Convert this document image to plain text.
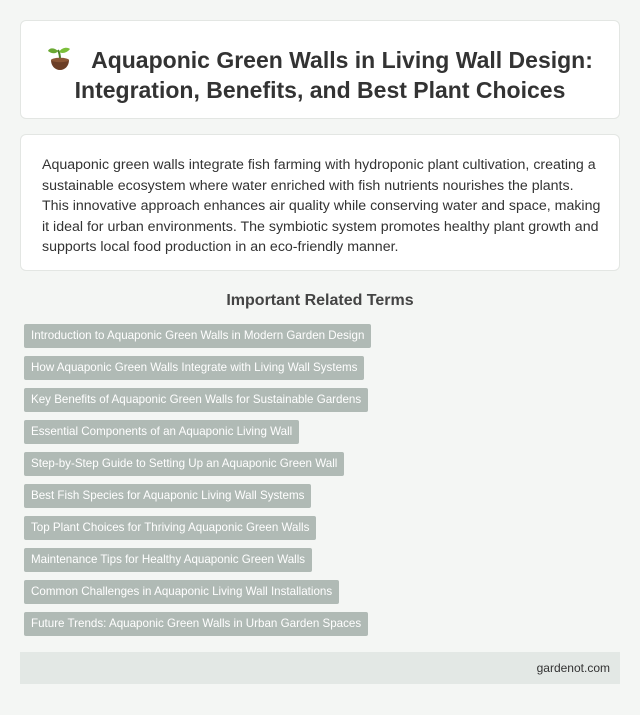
Aquaponic Green Walls in Living Wall Design: Integration, Benefits, and Best Plant Choices

Aquaponic green walls integrate fish farming with hydroponic plant cultivation, creating a sustainable ecosystem where water enriched with fish nutrients nourishes the plants. This innovative approach enhances air quality while conserving water and space, making it ideal for urban environments. The symbiotic system promotes healthy plant growth and supports local food production in an eco-friendly manner.

Important Related Terms
Introduction to Aquaponic Green Walls in Modern Garden Design
How Aquaponic Green Walls Integrate with Living Wall Systems
Key Benefits of Aquaponic Green Walls for Sustainable Gardens
Essential Components of an Aquaponic Living Wall
Step-by-Step Guide to Setting Up an Aquaponic Green Wall
Best Fish Species for Aquaponic Living Wall Systems
Top Plant Choices for Thriving Aquaponic Green Walls
Maintenance Tips for Healthy Aquaponic Green Walls
Common Challenges in Aquaponic Living Wall Installations
Future Trends: Aquaponic Green Walls in Urban Garden Spaces
gardenot.com
